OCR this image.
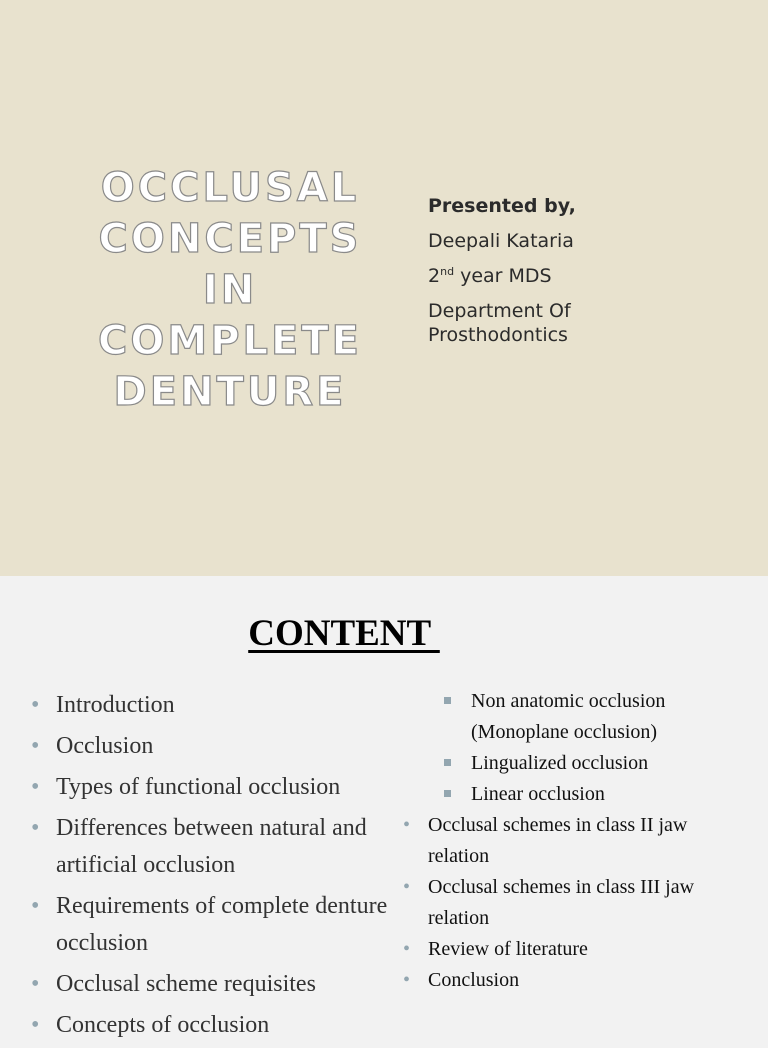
OCCLUSAL
CONCEPTS
IN
COMPLETE
DENTURE
Presented by,
Deepali Kataria
2nd year MDS
Department Of
Prosthodontics
CONTENT
• Introduction
• Occlusion
• Types of functional occlusion
• Differences between natural and artificial occlusion
• Requirements of complete denture occlusion
• Occlusal scheme requisites
• Concepts of occlusion
Non anatomic occlusion (Monoplane occlusion)
Lingualized occlusion
Linear occlusion
• Occlusal schemes in class II jaw relation
• Occlusal schemes in class III jaw relation
• Review of literature
• Conclusion
